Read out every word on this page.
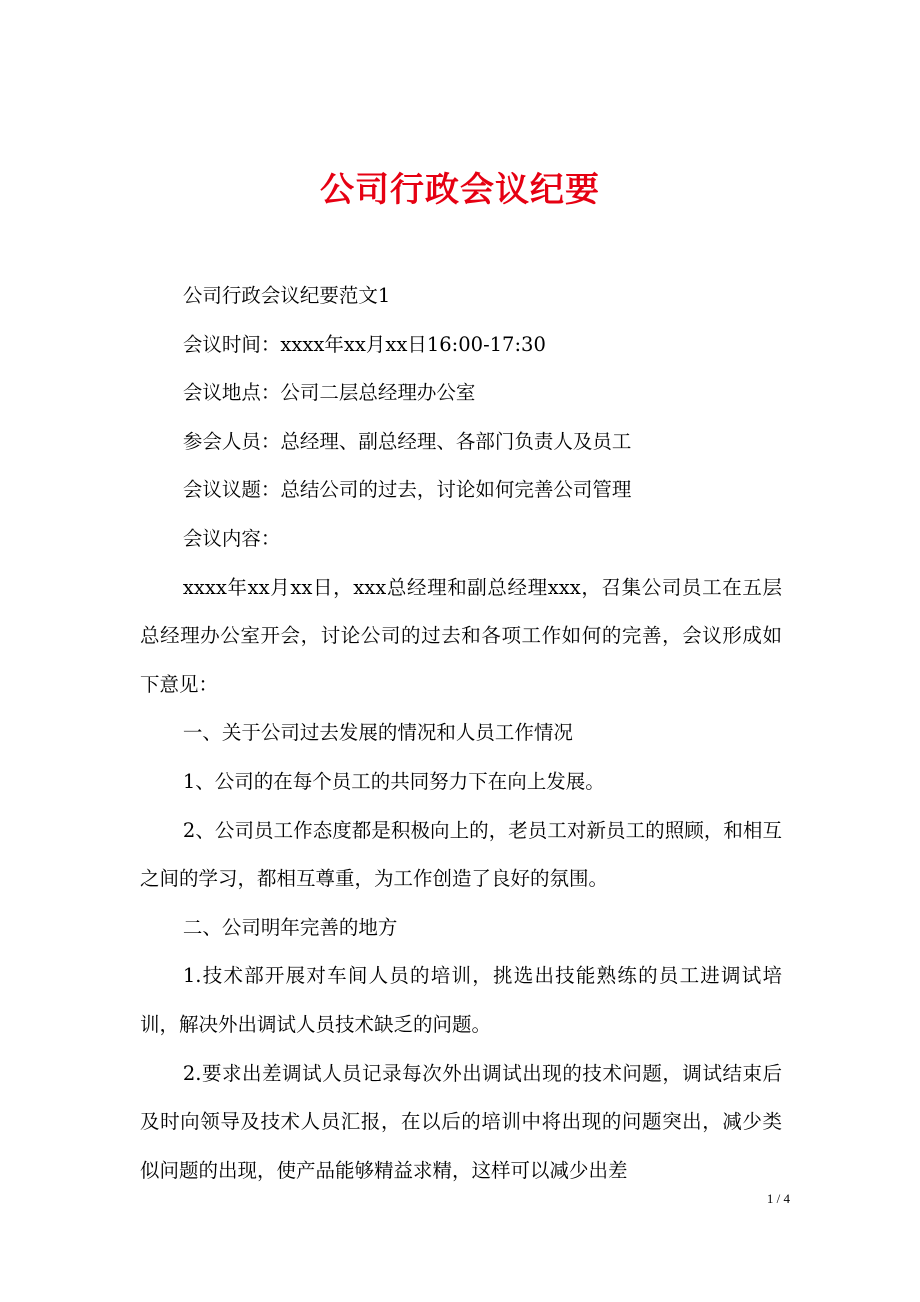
公司行政会议纪要

公司行政会议纪要范文1

会议时间：xxxx年xx月xx日16:00-17:30

会议地点：公司二层总经理办公室

参会人员：总经理、副总经理、各部门负责人及员工

会议议题：总结公司的过去，讨论如何完善公司管理

会议内容：

xxxx年xx月xx日，xxx总经理和副总经理xxx，召集公司员工在五层总经理办公室开会，讨论公司的过去和各项工作如何的完善，会议形成如下意见：

一、关于公司过去发展的情况和人员工作情况

1、公司的在每个员工的共同努力下在向上发展。

2、公司员工作态度都是积极向上的，老员工对新员工的照顾，和相互之间的学习，都相互尊重，为工作创造了良好的氛围。

二、公司明年完善的地方

1.技术部开展对车间人员的培训，挑选出技能熟练的员工进调试培训，解决外出调试人员技术缺乏的问题。

2.要求出差调试人员记录每次外出调试出现的技术问题，调试结束后及时向领导及技术人员汇报，在以后的培训中将出现的问题突出，减少类似问题的出现，使产品能够精益求精，这样可以减少出差

1 / 4
